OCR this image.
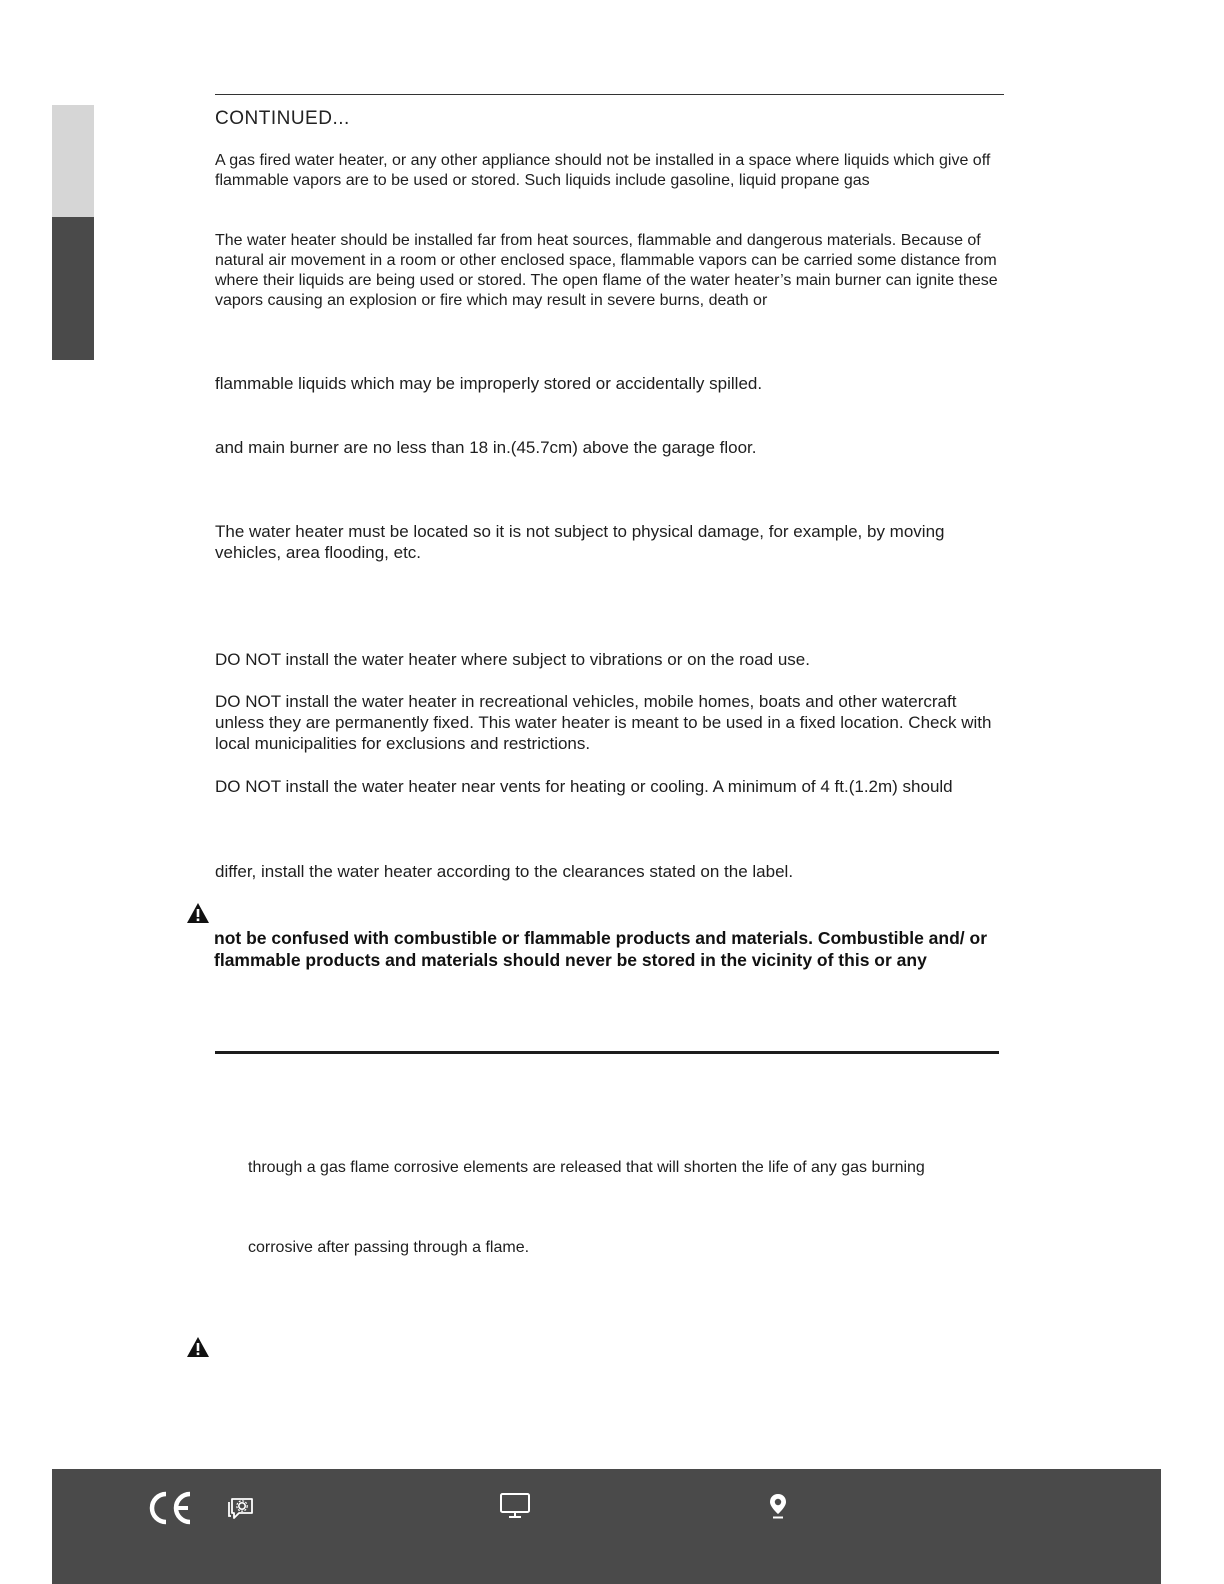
CONTINUED...
A gas fired water heater, or any other appliance should not be installed in a space where liquids which give off flammable vapors are to be used or stored. Such liquids include gasoline, liquid propane gas
The water heater should be installed far from heat sources, flammable and dangerous materials. Because of natural air movement in a room or other enclosed space, flammable vapors can be carried some distance from where their liquids are being used or stored. The open flame of the water heater’s main burner can ignite these vapors causing an explosion or fire which may result in severe burns, death or
flammable liquids which may be improperly stored or accidentally spilled.
and main burner are no less than 18 in.(45.7cm) above the garage floor.
The water heater must be located so it is not subject to physical damage, for example, by moving vehicles, area flooding, etc.
DO NOT install the water heater where subject to vibrations or on the road use.
DO NOT install the water heater in recreational vehicles, mobile homes, boats and other watercraft unless they are permanently fixed. This water heater is meant to be used in a fixed location. Check with local municipalities for exclusions and restrictions.
DO NOT install the water heater near vents for heating or cooling. A minimum of 4 ft.(1.2m) should
differ, install the water heater according to the clearances stated on the label.
not be confused with combustible or flammable products and materials. Combustible and/ or flammable products and materials should never be stored in the vicinity of this or any
through a gas flame corrosive elements are released that will shorten the life of any gas burning
corrosive after passing through a flame.
